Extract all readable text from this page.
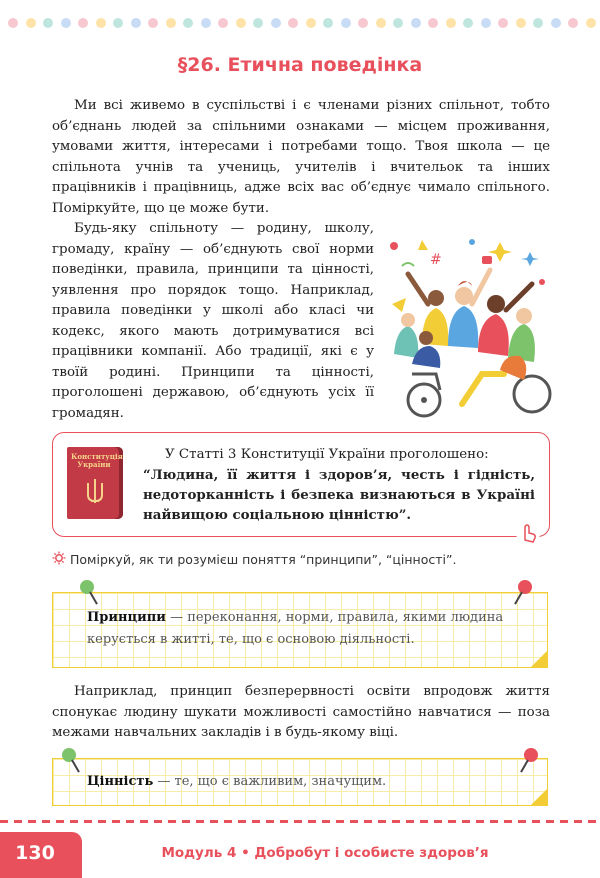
§26. Етична поведінка

Ми всі живемо в суспільстві і є членами різних спільнот, тобто об’єднань людей за спільними ознаками — місцем проживання, умовами життя, інтересами і потребами тощо. Твоя школа — це спільнота учнів та учениць, учителів і вчительок та інших працівників і працівниць, адже всіх вас об’єднує чимало спільного. Поміркуйте, що це може бути.

Будь-яку спільноту — родину, школу, громаду, країну — об’єднують свої норми поведінки, правила, принципи та цінності, уявлення про порядок тощо. Наприклад, правила поведінки у школі або класі чи кодекс, якого мають дотримуватися всі працівники компанії. Або традиції, які є у твоїй родині. Принципи та цінності, проголошені державою, об’єднують усіх її громадян.

#
Конституція України
У Статті 3 Конституції України проголошено:
“Людина, її життя і здоров’я, честь і гідність, недоторканність і безпека визнаються в Україні найвищою соціальною цінністю”.
Поміркуй, як ти розумієш поняття “принципи”, “цінності”.
Принципи — переконання, норми, правила, якими людина керується в житті, те, що є основою діяльності.

Наприклад, принцип безперервності освіти впродовж життя спонукає людину шукати можливості самостійно навчатися — поза межами навчальних закладів і в будь-якому віці.

Цінність — те, що є важливим, значущим.
130	Модуль 4 • Добробут і особисте здоров’я
